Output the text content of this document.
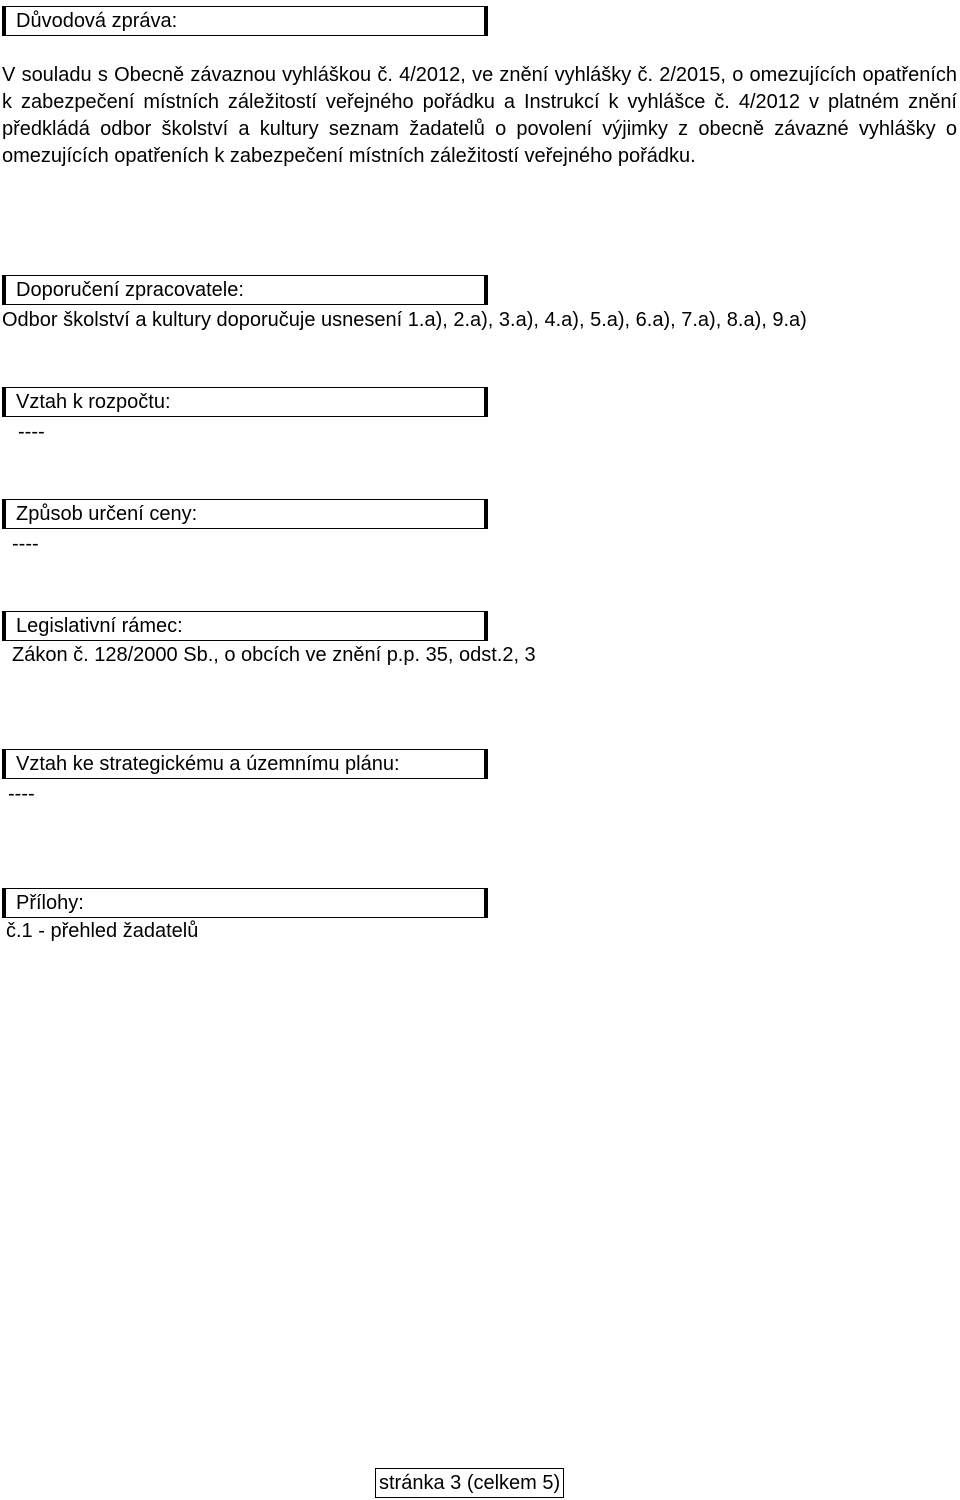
Důvodová zpráva:
V souladu s Obecně závaznou vyhláškou č. 4/2012, ve znění vyhlášky č. 2/2015, o omezujících opatřeních k zabezpečení místních záležitostí veřejného pořádku a Instrukcí k vyhlášce č. 4/2012 v platném znění předkládá odbor školství a kultury seznam žadatelů o povolení výjimky z obecně závazné vyhlášky o omezujících opatřeních k zabezpečení místních záležitostí veřejného pořádku.
Doporučení zpracovatele:
Odbor školství a kultury doporučuje usnesení 1.a), 2.a), 3.a), 4.a), 5.a), 6.a), 7.a), 8.a), 9.a)
Vztah k rozpočtu:
----
Způsob určení ceny:
----
Legislativní rámec:
Zákon č. 128/2000 Sb., o obcích ve znění p.p. 35, odst.2, 3
Vztah ke strategickému a územnímu plánu:
----
Přílohy:
č.1 - přehled žadatelů
stránka 3 (celkem 5)
